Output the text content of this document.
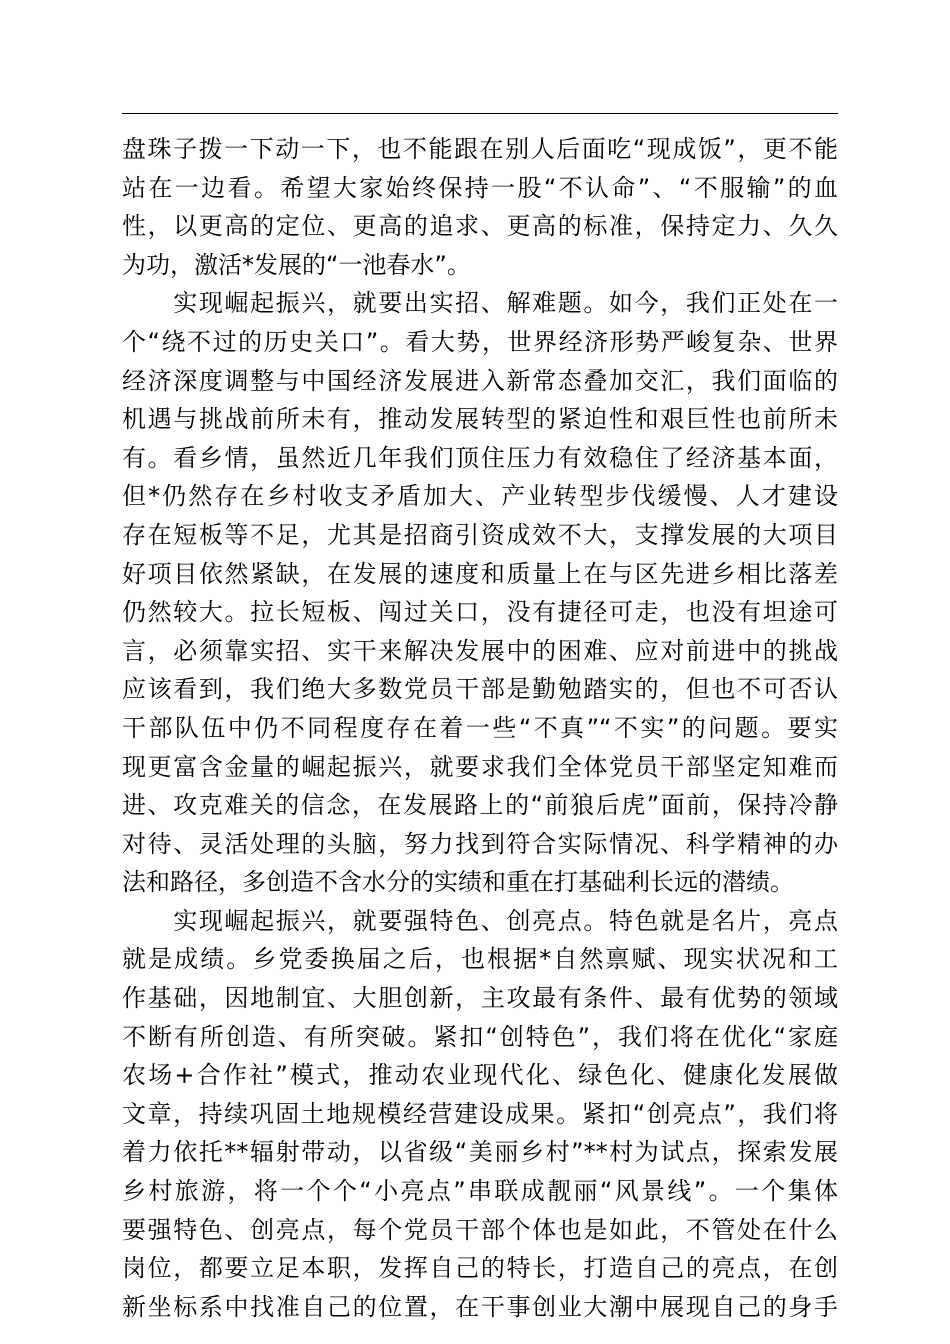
盘珠子拨一下动一下，也不能跟在别人后面吃“现成饭”，更不能
站在一边看。希望大家始终保持一股“不认命”、“不服输”的血
性，以更高的定位、更高的追求、更高的标准，保持定力、久久
为功，激活*发展的“一池春水”。
　　实现崛起振兴，就要出实招、解难题。如今，我们正处在一
个“绕不过的历史关口”。看大势，世界经济形势严峻复杂、世界
经济深度调整与中国经济发展进入新常态叠加交汇，我们面临的
机遇与挑战前所未有，推动发展转型的紧迫性和艰巨性也前所未
有。看乡情，虽然近几年我们顶住压力有效稳住了经济基本面，
但*仍然存在乡村收支矛盾加大、产业转型步伐缓慢、人才建设
存在短板等不足，尤其是招商引资成效不大，支撑发展的大项目
好项目依然紧缺，在发展的速度和质量上在与区先进乡相比落差
仍然较大。拉长短板、闯过关口，没有捷径可走，也没有坦途可
言，必须靠实招、实干来解决发展中的困难、应对前进中的挑战
应该看到，我们绝大多数党员干部是勤勉踏实的，但也不可否认
干部队伍中仍不同程度存在着一些“不真”“不实”的问题。要实
现更富含金量的崛起振兴，就要求我们全体党员干部坚定知难而
进、攻克难关的信念，在发展路上的“前狼后虎”面前，保持冷静
对待、灵活处理的头脑，努力找到符合实际情况、科学精神的办
法和路径，多创造不含水分的实绩和重在打基础利长远的潜绩。
　　实现崛起振兴，就要强特色、创亮点。特色就是名片，亮点
就是成绩。乡党委换届之后，也根据*自然禀赋、现实状况和工
作基础，因地制宜、大胆创新，主攻最有条件、最有优势的领域
不断有所创造、有所突破。紧扣“创特色”，我们将在优化“家庭
农场+合作社”模式，推动农业现代化、绿色化、健康化发展做
文章，持续巩固土地规模经营建设成果。紧扣“创亮点”，我们将
着力依托**辐射带动，以省级“美丽乡村”**村为试点，探索发展
乡村旅游，将一个个“小亮点”串联成靓丽“风景线”。一个集体
要强特色、创亮点，每个党员干部个体也是如此，不管处在什么
岗位，都要立足本职，发挥自己的特长，打造自己的亮点，在创
新坐标系中找准自己的位置，在干事创业大潮中展现自己的身手
